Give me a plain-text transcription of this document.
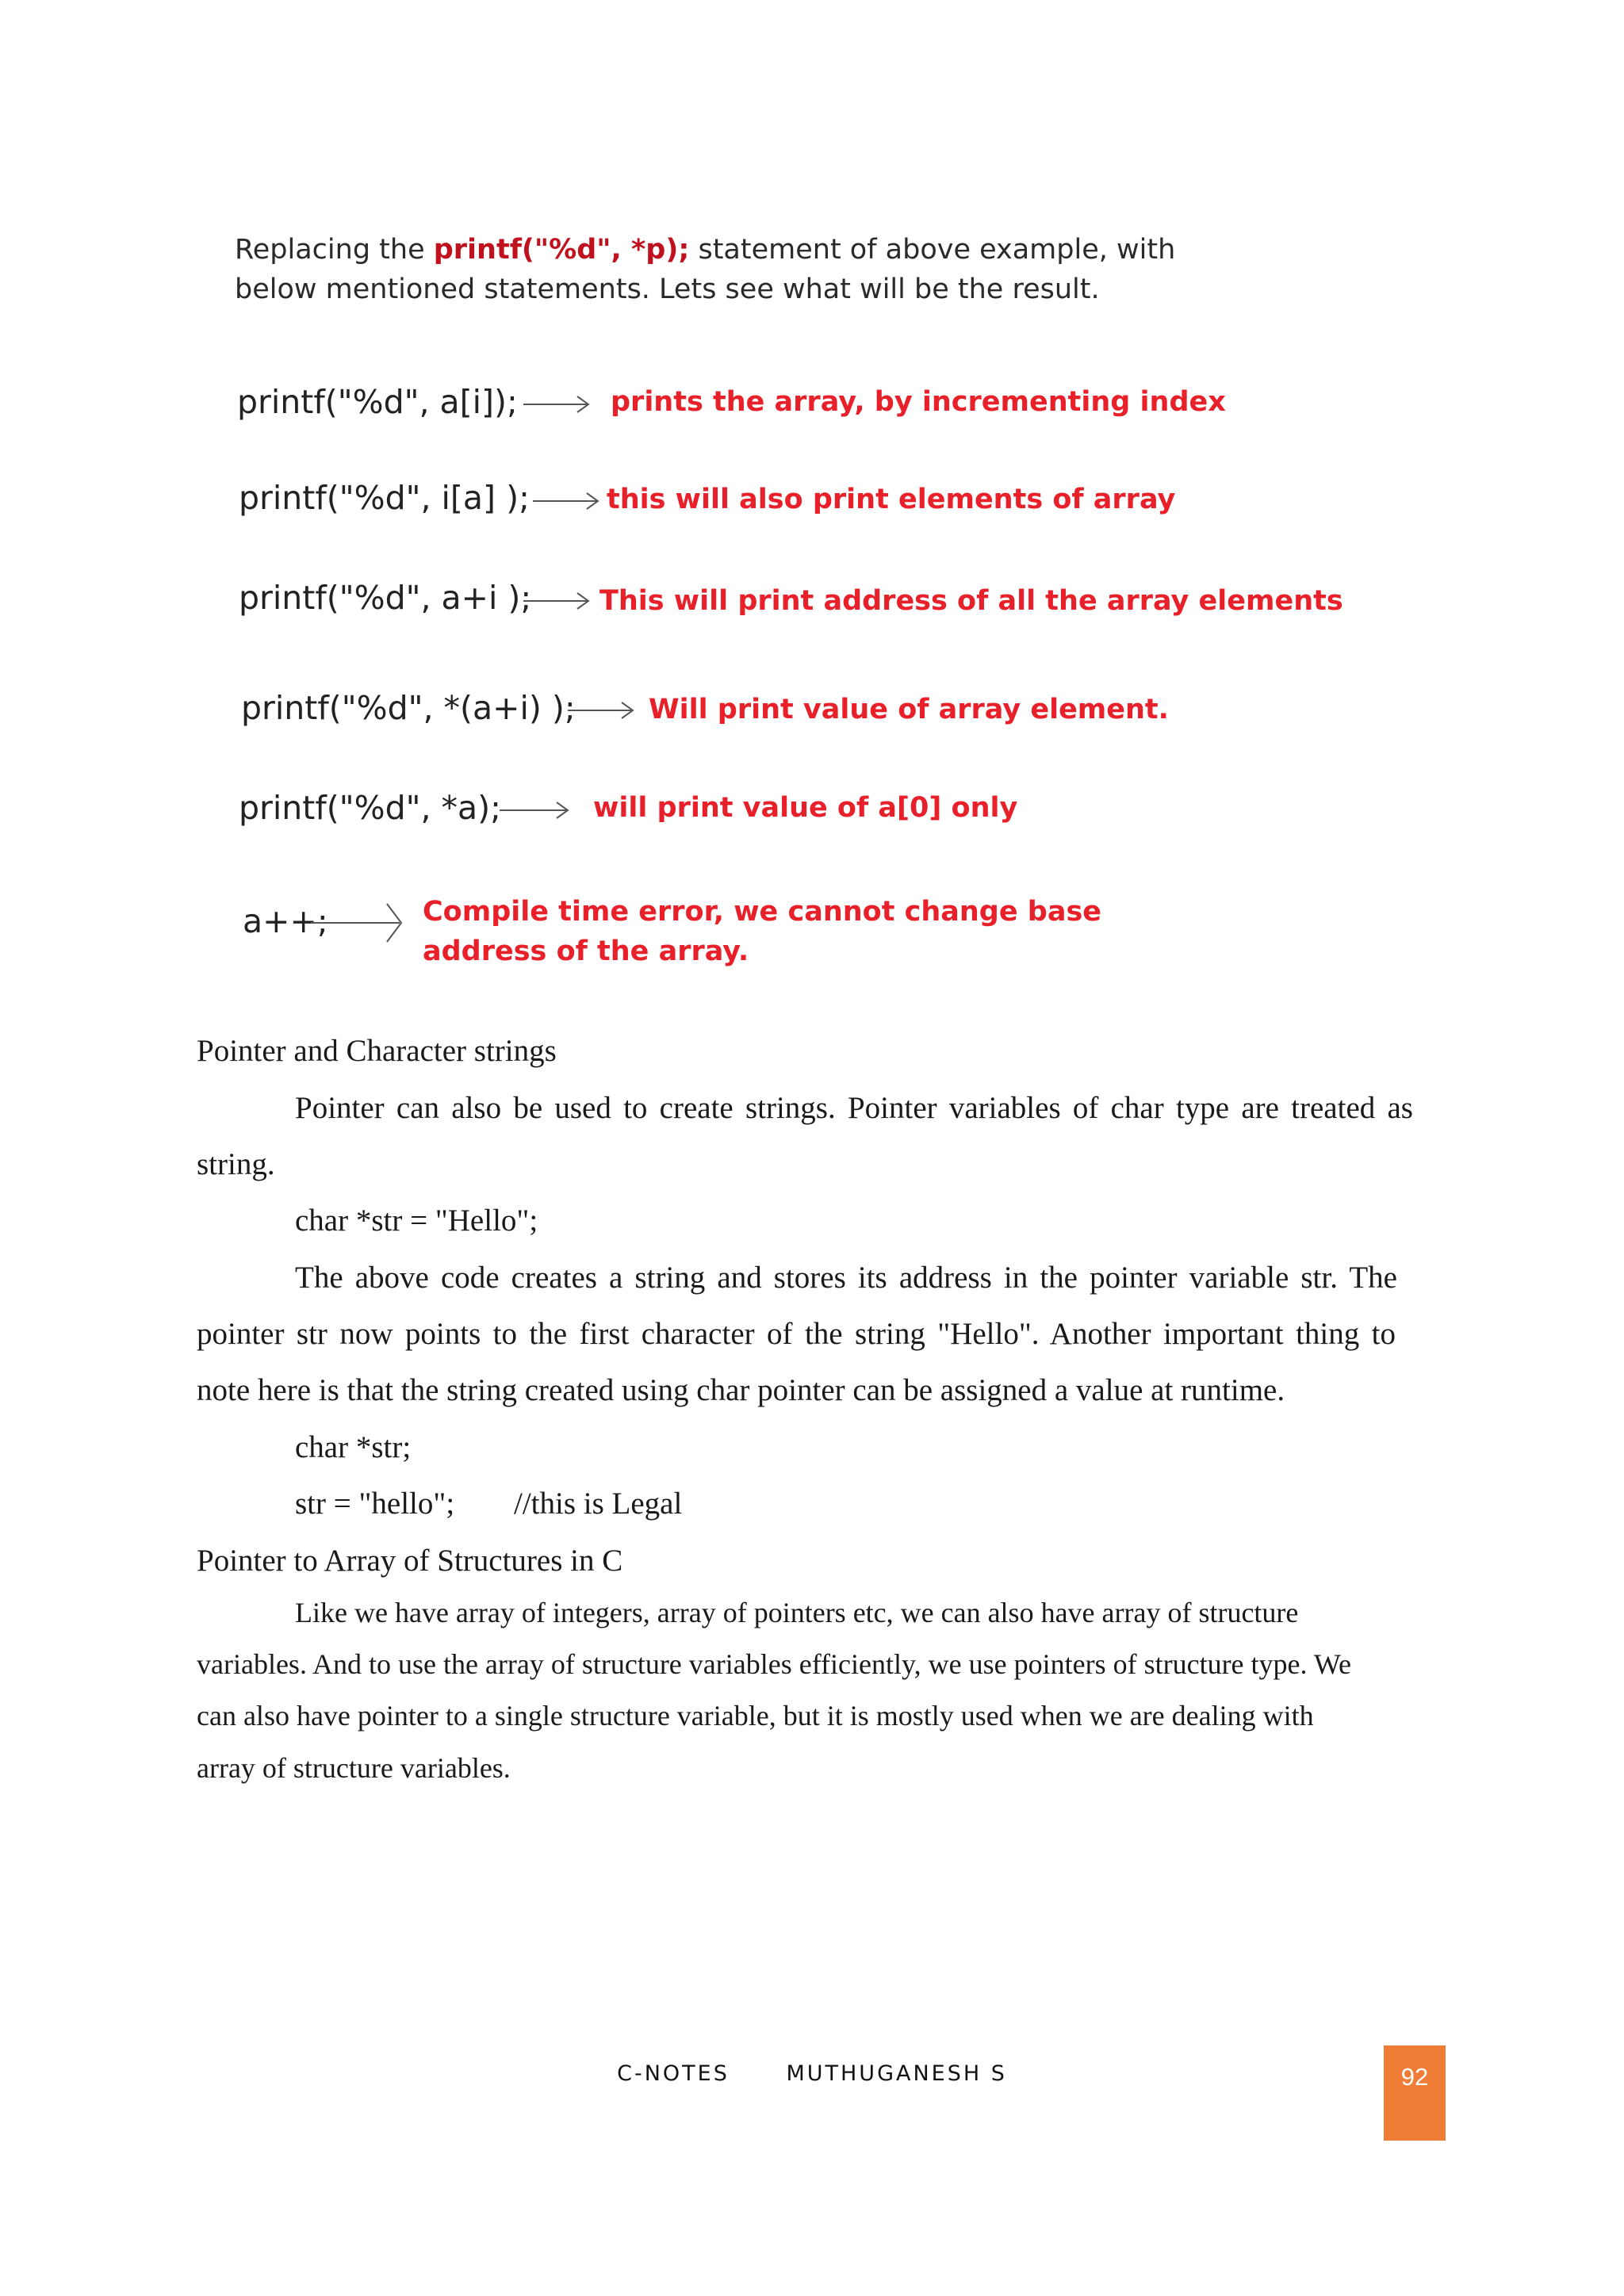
Replacing the printf("%d", *p); statement of above example, with below mentioned statements. Lets see what will be the result.
printf("%d", a[i]);	prints the array, by incrementing index
printf("%d", i[a] );	this will also print elements of array
printf("%d", a+i ); This will print address of all the array elements
printf("%d", *(a+i) );	Will print value of array element.
printf("%d", *a);	will print value of a[0] only
a++;	Compile time error, we cannot change base address of the array.
Pointer and Character strings
Pointer can also be used to create strings. Pointer variables of char type are treated as
string.
char *str = "Hello";
The above code creates a string and stores its address in the pointer variable str. The
pointer str now points to the first character of the string "Hello". Another important thing to
note here is that the string created using char pointer can be assigned a value at runtime.
char *str;
str = "hello"; //this is Legal
Pointer to Array of Structures in C
Like we have array of integers, array of pointers etc, we can also have array of structure
variables. And to use the array of structure variables efficiently, we use pointers of structure type. We
can also have pointer to a single structure variable, but it is mostly used when we are dealing with
array of structure variables.
C-NOTES	MUTHUGANESH S	92
